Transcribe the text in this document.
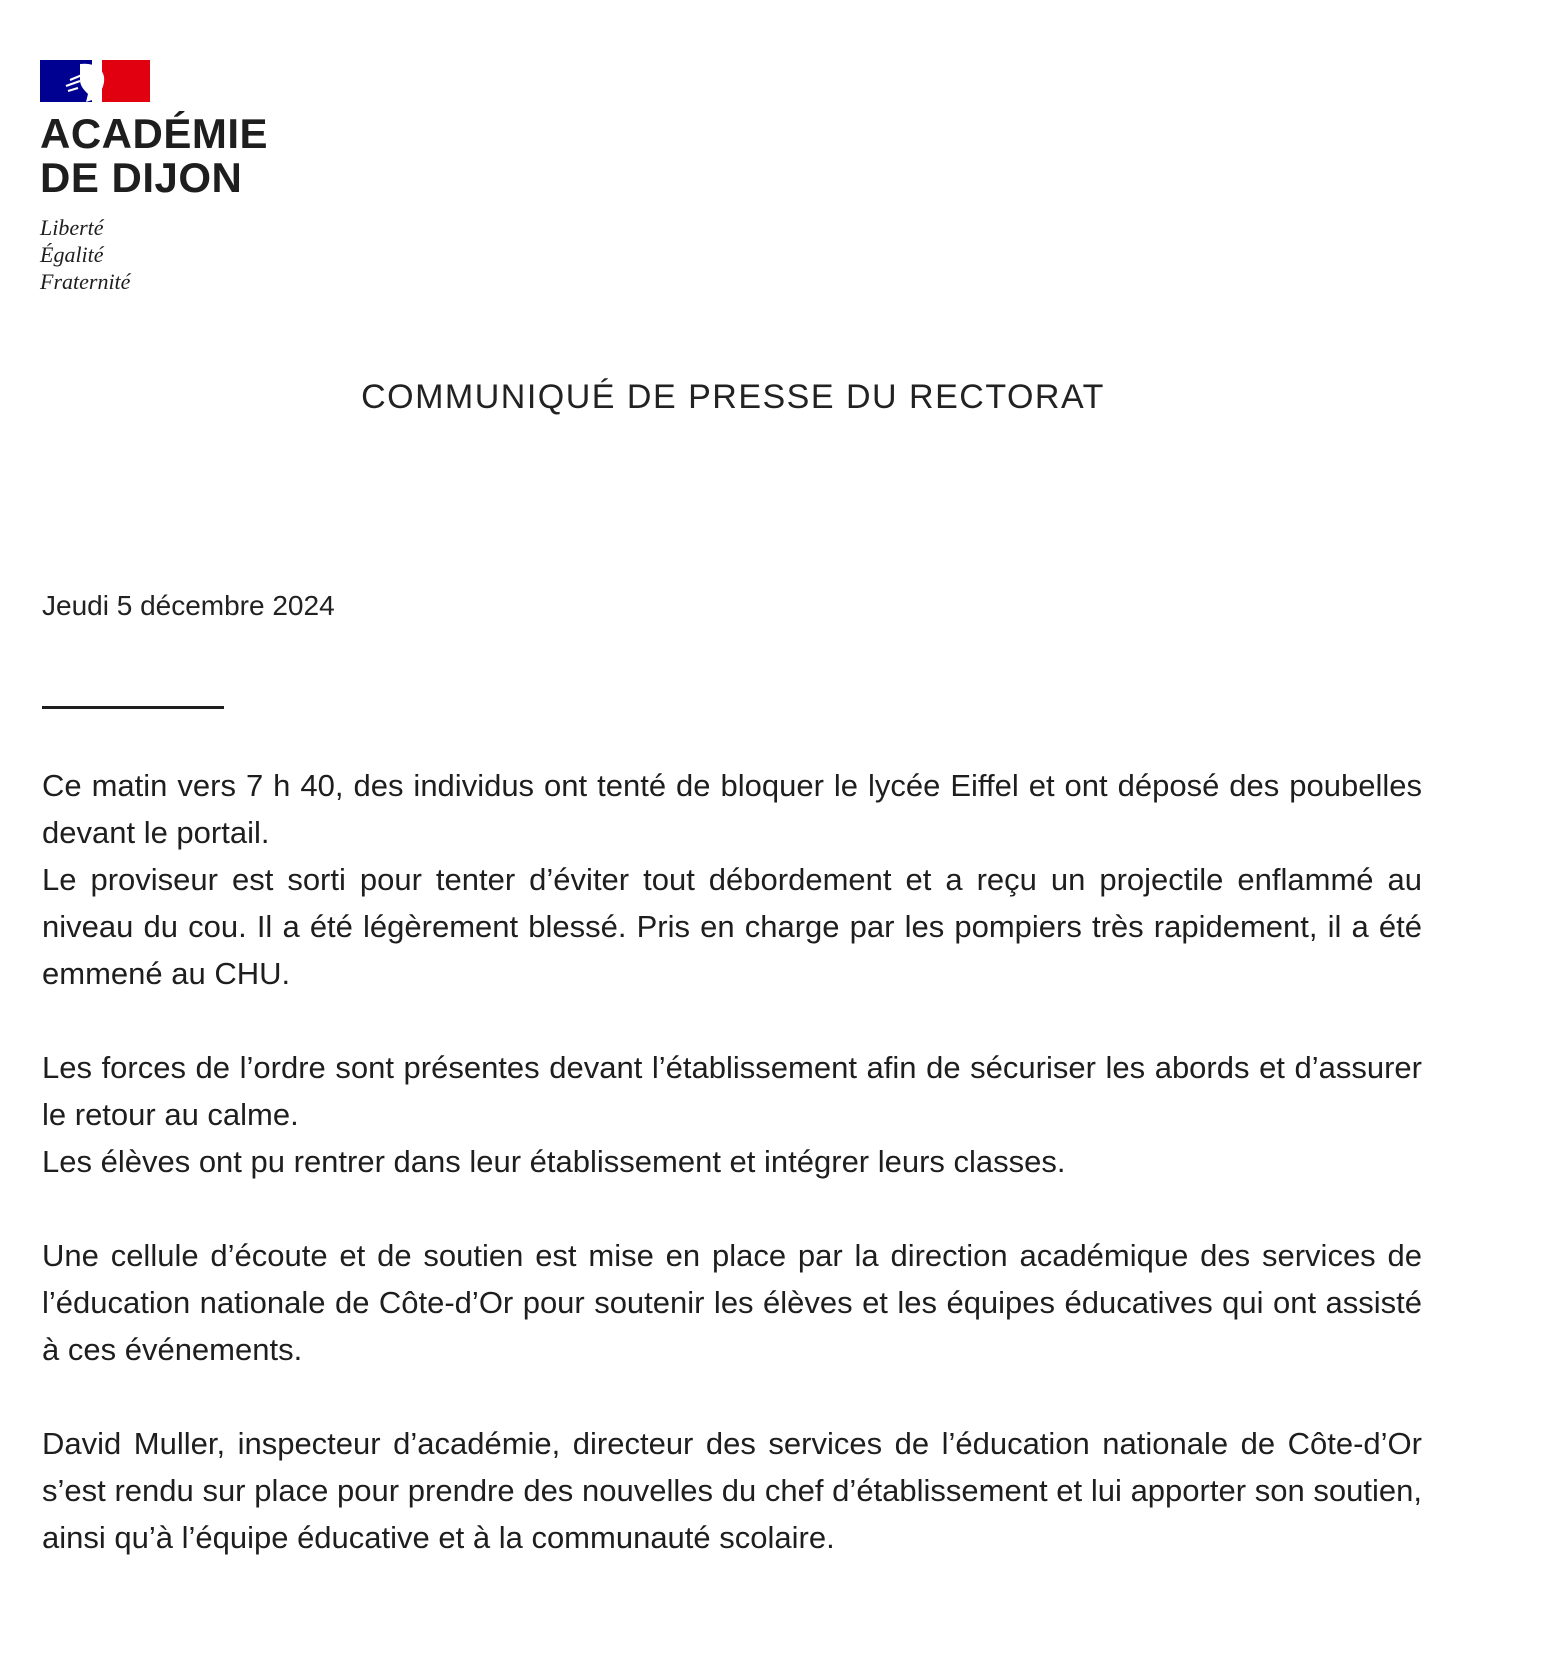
ACADÉMIE
DE DIJON
Liberté
Égalité
Fraternité
COMMUNIQUÉ DE PRESSE DU RECTORAT
Jeudi 5 décembre 2024

Ce matin vers 7 h 40, des individus ont tenté de bloquer le lycée Eiffel et ont déposé des poubelles devant le portail.
Le proviseur est sorti pour tenter d’éviter tout débordement et a reçu un projectile enflammé au niveau du cou. Il a été légèrement blessé. Pris en charge par les pompiers très rapidement, il a été emmené au CHU.

Les forces de l’ordre sont présentes devant l’établissement afin de sécuriser les abords et d’assurer le retour au calme.
Les élèves ont pu rentrer dans leur établissement et intégrer leurs classes.

Une cellule d’écoute et de soutien est mise en place par la direction académique des services de l’éducation nationale de Côte-d’Or pour soutenir les élèves et les équipes éducatives qui ont assisté à ces événements.

David Muller, inspecteur d’académie, directeur des services de l’éducation nationale de Côte-d’Or s’est rendu sur place pour prendre des nouvelles du chef d’établissement et lui apporter son soutien, ainsi qu’à l’équipe éducative et à la communauté scolaire.
